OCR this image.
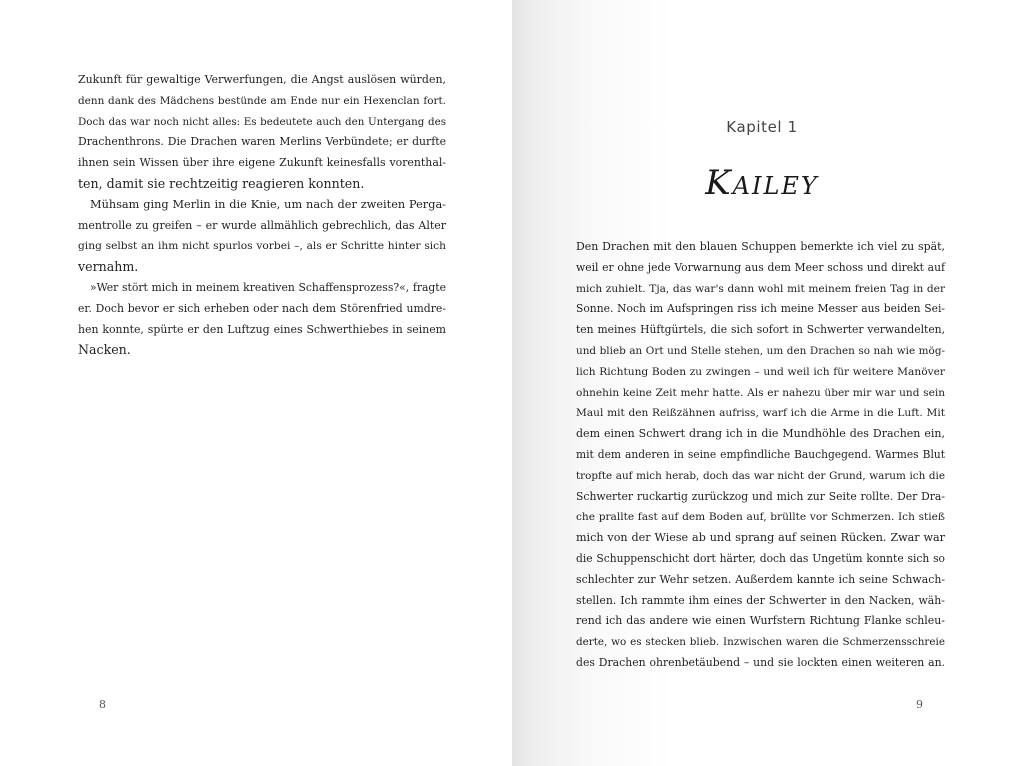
Zukunft für gewaltige Verwerfungen, die Angst auslösen würden,
denn dank des Mädchens bestünde am Ende nur ein Hexenclan fort.
Doch das war noch nicht alles: Es bedeutete auch den Untergang des
Drachenthrons. Die Drachen waren Merlins Verbündete; er durfte
ihnen sein Wissen über ihre eigene Zukunft keinesfalls vorenthal-
ten, damit sie rechtzeitig reagieren konnten.
Mühsam ging Merlin in die Knie, um nach der zweiten Perga-
mentrolle zu greifen – er wurde allmählich gebrechlich, das Alter
ging selbst an ihm nicht spurlos vorbei –, als er Schritte hinter sich
vernahm.
»Wer stört mich in meinem kreativen Schaffensprozess?«, fragte
er. Doch bevor er sich erheben oder nach dem Störenfried umdre-
hen konnte, spürte er den Luftzug eines Schwerthiebes in seinem
Nacken.
8
Kapitel 1
Kailey
Den Drachen mit den blauen Schuppen bemerkte ich viel zu spät,
weil er ohne jede Vorwarnung aus dem Meer schoss und direkt auf
mich zuhielt. Tja, das war's dann wohl mit meinem freien Tag in der
Sonne. Noch im Aufspringen riss ich meine Messer aus beiden Sei-
ten meines Hüftgürtels, die sich sofort in Schwerter verwandelten,
und blieb an Ort und Stelle stehen, um den Drachen so nah wie mög-
lich Richtung Boden zu zwingen – und weil ich für weitere Manöver
ohnehin keine Zeit mehr hatte. Als er nahezu über mir war und sein
Maul mit den Reißzähnen aufriss, warf ich die Arme in die Luft. Mit
dem einen Schwert drang ich in die Mundhöhle des Drachen ein,
mit dem anderen in seine empfindliche Bauchgegend. Warmes Blut
tropfte auf mich herab, doch das war nicht der Grund, warum ich die
Schwerter ruckartig zurückzog und mich zur Seite rollte. Der Dra-
che prallte fast auf dem Boden auf, brüllte vor Schmerzen. Ich stieß
mich von der Wiese ab und sprang auf seinen Rücken. Zwar war
die Schuppenschicht dort härter, doch das Ungetüm konnte sich so
schlechter zur Wehr setzen. Außerdem kannte ich seine Schwach-
stellen. Ich rammte ihm eines der Schwerter in den Nacken, wäh-
rend ich das andere wie einen Wurfstern Richtung Flanke schleu-
derte, wo es stecken blieb. Inzwischen waren die Schmerzensschreie
des Drachen ohrenbetäubend – und sie lockten einen weiteren an.
9
